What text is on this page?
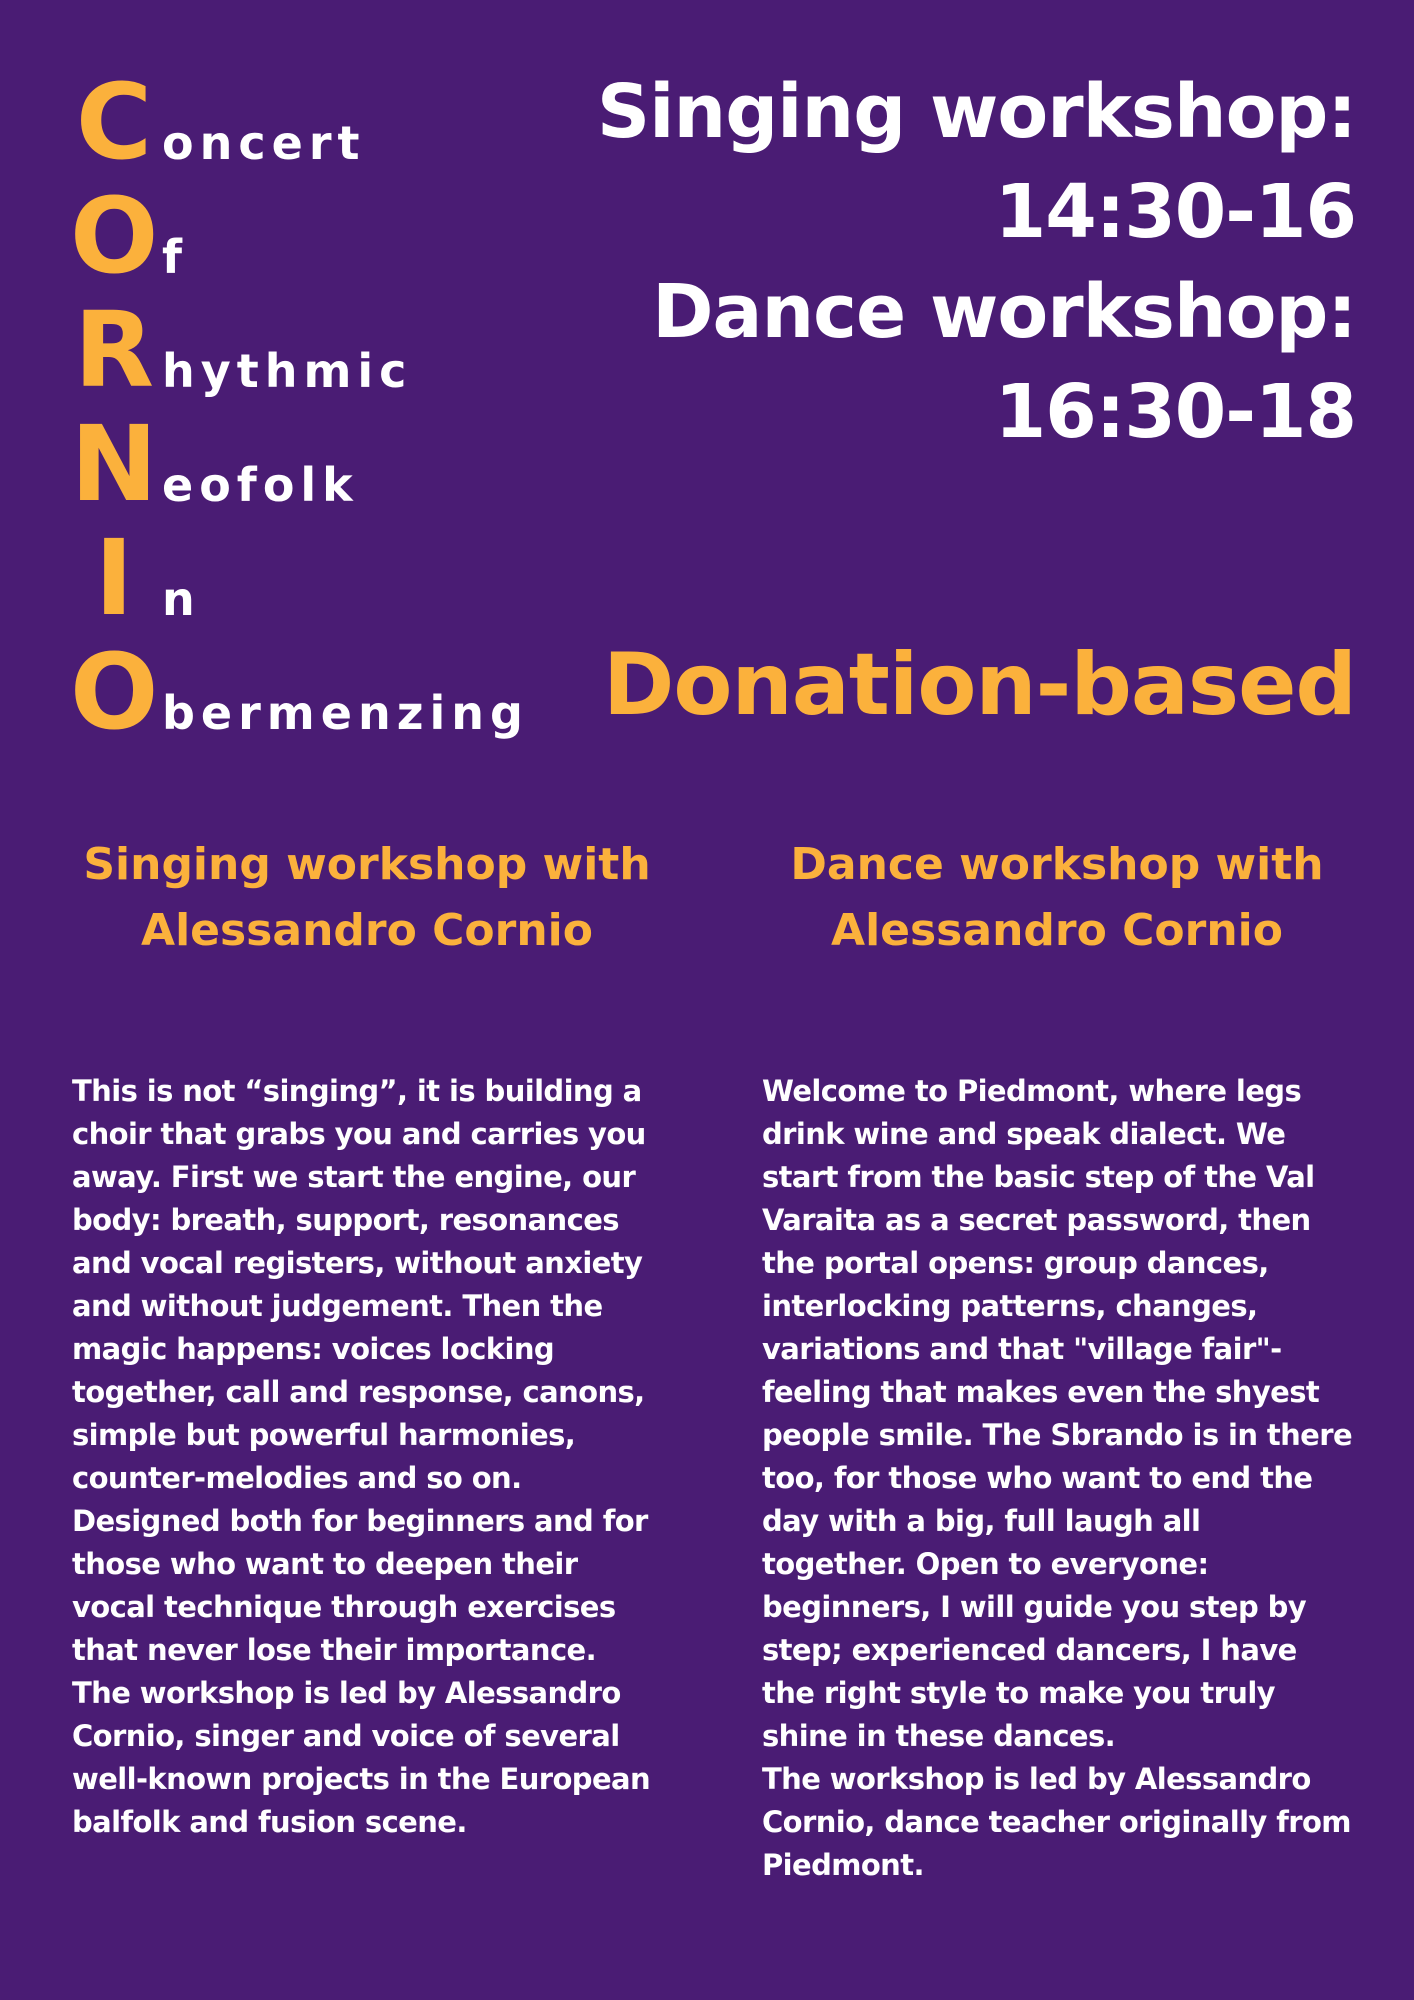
C oncert
O f
R hythmic
N eofolk
I n
O bermenzing
Singing workshop:
14:30-16
Dance workshop:
16:30-18
Donation-based
Singing workshop with
Alessandro Cornio

This is not “singing”, it is building a choir that grabs you and carries you away. First we start the engine, our body: breath, support, resonances and vocal registers, without anxiety and without judgement. Then the magic happens: voices locking together, call and response, canons, simple but powerful harmonies, counter-melodies and so on. Designed both for beginners and for those who want to deepen their vocal technique through exercises that never lose their importance.

The workshop is led by Alessandro Cornio, singer and voice of several well-known projects in the European balfolk and fusion scene.

Dance workshop with
Alessandro Cornio

Welcome to Piedmont, where legs drink wine and speak dialect. We start from the basic step of the Val Varaita as a secret password, then the portal opens: group dances, interlocking patterns, changes, variations and that "village fair"-feeling that makes even the shyest people smile. The Sbrando is in there too, for those who want to end the day with a big, full laugh all together. Open to everyone: beginners, I will guide you step by step; experienced dancers, I have the right style to make you truly shine in these dances.

The workshop is led by Alessandro Cornio, dance teacher originally from Piedmont.
